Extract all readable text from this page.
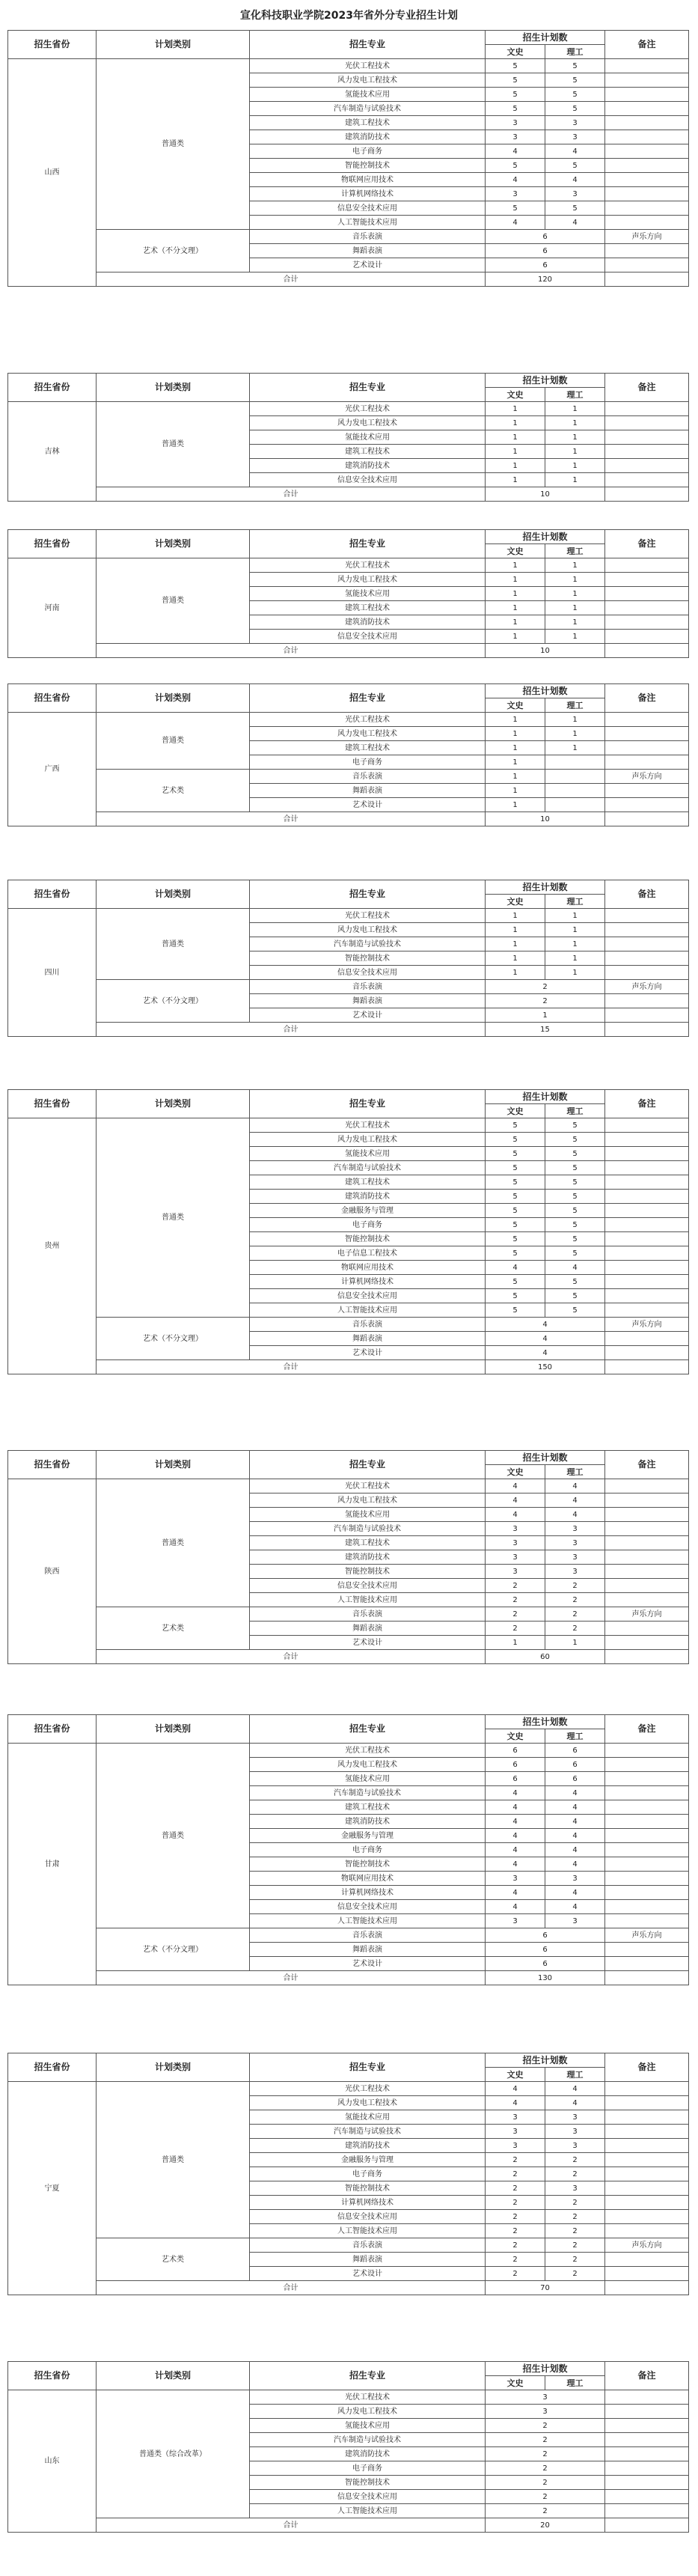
宣化科技职业学院2023年省外分专业招生计划
招生省份	计划类别	招生专业	招生计划数		备注
			文史	理工	
山西	普通类	光伏工程技术	5	5	
		风力发电工程技术	5	5	
		氢能技术应用	5	5	
		汽车制造与试验技术	5	5	
		建筑工程技术	3	3	
		建筑消防技术	3	3	
		电子商务	4	4	
		智能控制技术	5	5	
		物联网应用技术	4	4	
		计算机网络技术	3	3	
		信息安全技术应用	5	5	
		人工智能技术应用	4	4	
	艺术（不分文理）	音乐表演	6		声乐方向
		舞蹈表演	6		
		艺术设计	6		
	合计		120		
招生省份	计划类别	招生专业	招生计划数		备注
			文史	理工	
吉林	普通类	光伏工程技术	1	1	
		风力发电工程技术	1	1	
		氢能技术应用	1	1	
		建筑工程技术	1	1	
		建筑消防技术	1	1	
		信息安全技术应用	1	1	
	合计		10		
招生省份	计划类别	招生专业	招生计划数		备注
			文史	理工	
河南	普通类	光伏工程技术	1	1	
		风力发电工程技术	1	1	
		氢能技术应用	1	1	
		建筑工程技术	1	1	
		建筑消防技术	1	1	
		信息安全技术应用	1	1	
	合计		10		
招生省份	计划类别	招生专业	招生计划数		备注
			文史	理工	
广西	普通类	光伏工程技术	1	1	
		风力发电工程技术	1	1	
		建筑工程技术	1	1	
		电子商务	1		
	艺术类	音乐表演	1		声乐方向
		舞蹈表演	1		
		艺术设计	1		
	合计		10		
招生省份	计划类别	招生专业	招生计划数		备注
			文史	理工	
四川	普通类	光伏工程技术	1	1	
		风力发电工程技术	1	1	
		汽车制造与试验技术	1	1	
		智能控制技术	1	1	
		信息安全技术应用	1	1	
	艺术（不分文理）	音乐表演	2		声乐方向
		舞蹈表演	2		
		艺术设计	1		
	合计		15		
招生省份	计划类别	招生专业	招生计划数		备注
			文史	理工	
贵州	普通类	光伏工程技术	5	5	
		风力发电工程技术	5	5	
		氢能技术应用	5	5	
		汽车制造与试验技术	5	5	
		建筑工程技术	5	5	
		建筑消防技术	5	5	
		金融服务与管理	5	5	
		电子商务	5	5	
		智能控制技术	5	5	
		电子信息工程技术	5	5	
		物联网应用技术	4	4	
		计算机网络技术	5	5	
		信息安全技术应用	5	5	
		人工智能技术应用	5	5	
	艺术（不分文理）	音乐表演	4		声乐方向
		舞蹈表演	4		
		艺术设计	4		
	合计		150		
招生省份	计划类别	招生专业	招生计划数		备注
			文史	理工	
陕西	普通类	光伏工程技术	4	4	
		风力发电工程技术	4	4	
		氢能技术应用	4	4	
		汽车制造与试验技术	3	3	
		建筑工程技术	3	3	
		建筑消防技术	3	3	
		智能控制技术	3	3	
		信息安全技术应用	2	2	
		人工智能技术应用	2	2	
	艺术类	音乐表演	2	2	声乐方向
		舞蹈表演	2	2	
		艺术设计	1	1	
	合计		60		
招生省份	计划类别	招生专业	招生计划数		备注
			文史	理工	
甘肃	普通类	光伏工程技术	6	6	
		风力发电工程技术	6	6	
		氢能技术应用	6	6	
		汽车制造与试验技术	4	4	
		建筑工程技术	4	4	
		建筑消防技术	4	4	
		金融服务与管理	4	4	
		电子商务	4	4	
		智能控制技术	4	4	
		物联网应用技术	3	3	
		计算机网络技术	4	4	
		信息安全技术应用	4	4	
		人工智能技术应用	3	3	
	艺术（不分文理）	音乐表演	6		声乐方向
		舞蹈表演	6		
		艺术设计	6		
	合计		130		
招生省份	计划类别	招生专业	招生计划数		备注
			文史	理工	
宁夏	普通类	光伏工程技术	4	4	
		风力发电工程技术	4	4	
		氢能技术应用	3	3	
		汽车制造与试验技术	3	3	
		建筑消防技术	3	3	
		金融服务与管理	2	2	
		电子商务	2	2	
		智能控制技术	2	3	
		计算机网络技术	2	2	
		信息安全技术应用	2	2	
		人工智能技术应用	2	2	
	艺术类	音乐表演	2	2	声乐方向
		舞蹈表演	2	2	
		艺术设计	2	2	
	合计		70		
招生省份	计划类别	招生专业	招生计划数		备注
			文史	理工	
山东	普通类（综合改革）	光伏工程技术	3		
		风力发电工程技术	3		
		氢能技术应用	2		
		汽车制造与试验技术	2		
		建筑消防技术	2		
		电子商务	2		
		智能控制技术	2		
		信息安全技术应用	2		
		人工智能技术应用	2		
	合计		20		
